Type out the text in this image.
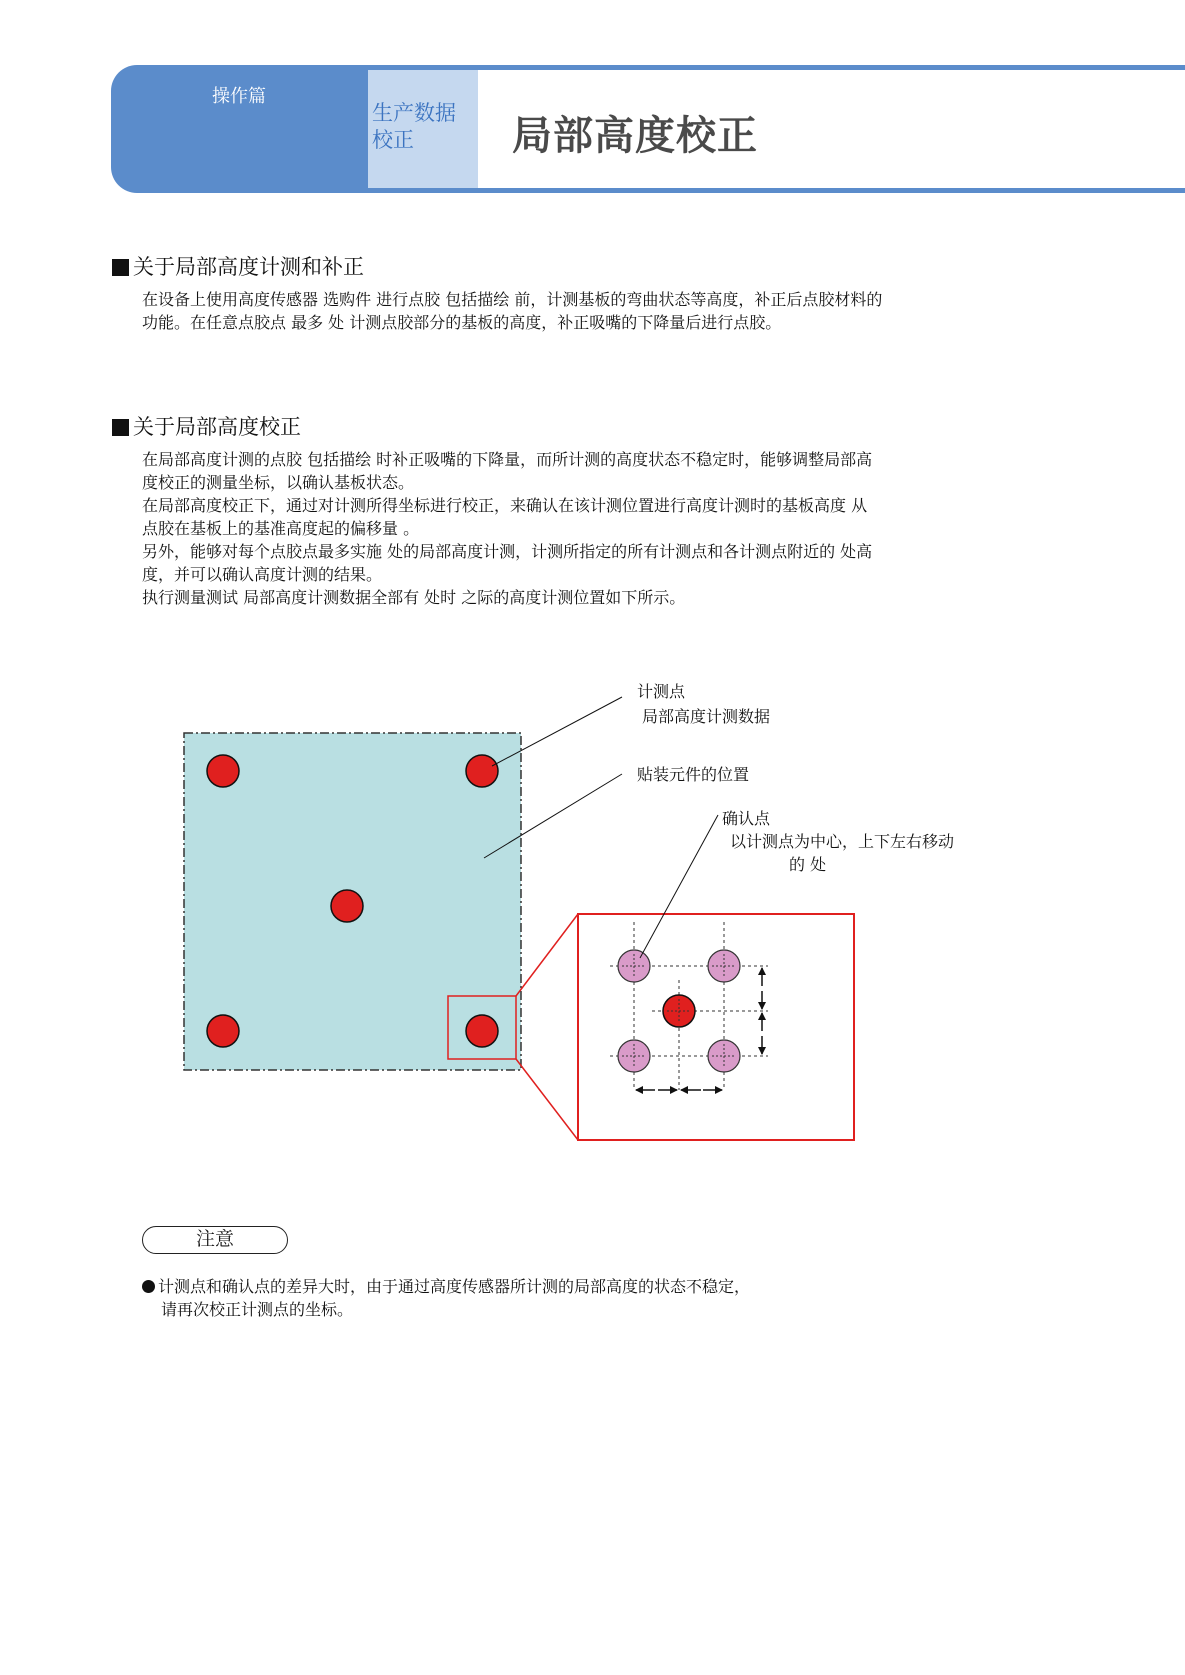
操作篇
生产数据
校正	局部高度校正
关于局部高度计测和补正

在设备上使用高度传感器 选购件 进行点胶 包括描绘 前，计测基板的弯曲状态等高度，补正后点胶材料的

功能。在任意点胶点 最多 处 计测点胶部分的基板的高度，补正吸嘴的下降量后进行点胶。

关于局部高度校正

在局部高度计测的点胶 包括描绘 时补正吸嘴的下降量，而所计测的高度状态不稳定时，能够调整局部高

度校正的测量坐标，以确认基板状态。

在局部高度校正下，通过对计测所得坐标进行校正，来确认在该计测位置进行高度计测时的基板高度 从

点胶在基板上的基准高度起的偏移量 。

另外，能够对每个点胶点最多实施 处的局部高度计测，计测所指定的所有计测点和各计测点附近的 处高

度，并可以确认高度计测的结果。

执行测量测试 局部高度计测数据全部有 处时 之际的高度计测位置如下所示。

计测点
局部高度计测数据
贴装元件的位置
确认点
以计测点为中心，上下左右移动
的 处
注意
计测点和确认点的差异大时，由于通过高度传感器所计测的局部高度的状态不稳定，
请再次校正计测点的坐标。
